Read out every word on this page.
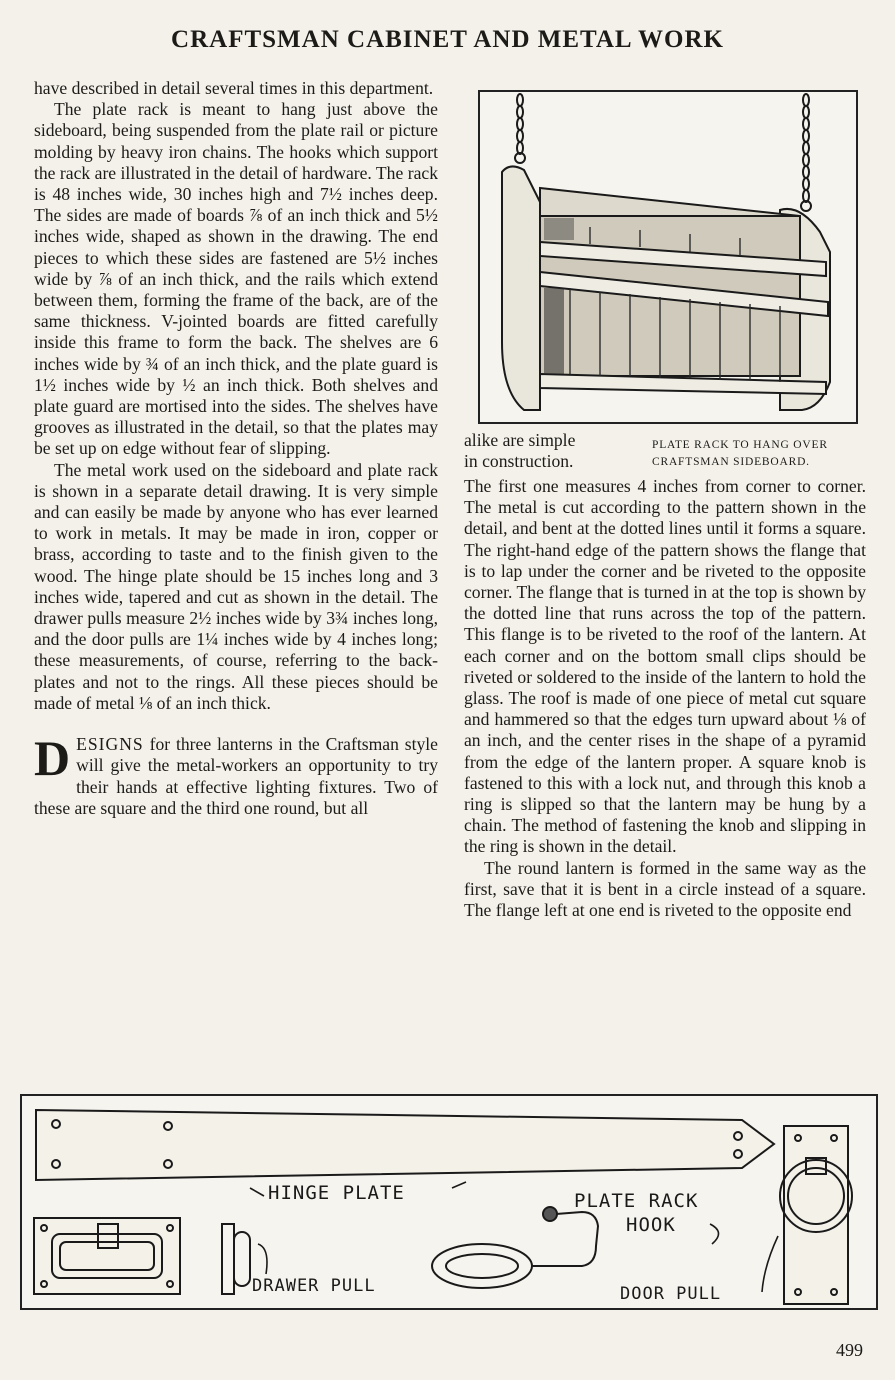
CRAFTSMAN CABINET AND METAL WORK

have described in detail several times in this department.

The plate rack is meant to hang just above the sideboard, being suspended from the plate rail or picture molding by heavy iron chains. The hooks which support the rack are illustrated in the detail of hardware. The rack is 48 inches wide, 30 inches high and 7½ inches deep. The sides are made of boards ⅞ of an inch thick and 5½ inches wide, shaped as shown in the drawing. The end pieces to which these sides are fastened are 5½ inches wide by ⅞ of an inch thick, and the rails which extend between them, forming the frame of the back, are of the same thickness. V-jointed boards are fitted carefully inside this frame to form the back. The shelves are 6 inches wide by ¾ of an inch thick, and the plate guard is 1½ inches wide by ½ an inch thick. Both shelves and plate guard are mortised into the sides. The shelves have grooves as illustrated in the detail, so that the plates may be set up on edge without fear of slipping.

The metal work used on the sideboard and plate rack is shown in a separate detail drawing. It is very simple and can easily be made by anyone who has ever learned to work in metals. It may be made in iron, copper or brass, according to taste and to the finish given to the wood. The hinge plate should be 15 inches long and 3 inches wide, tapered and cut as shown in the detail. The drawer pulls measure 2½ inches wide by 3¾ inches long, and the door pulls are 1¼ inches wide by 4 inches long; these measurements, of course, referring to the back-plates and not to the rings. All these pieces should be made of metal ⅛ of an inch thick.

DESIGNS for three lanterns in the Craftsman style will give the metal-workers an opportunity to try their hands at effective lighting fixtures. Two of these are square and the third one round, but all

PLATE RACK TO HANG OVER
CRAFTSMAN SIDEBOARD.
alike are simple
in construction.

The first one measures 4 inches from corner to corner. The metal is cut according to the pattern shown in the detail, and bent at the dotted lines until it forms a square. The right-hand edge of the pattern shows the flange that is to lap under the corner and be riveted to the opposite corner. The flange that is turned in at the top is shown by the dotted line that runs across the top of the pattern. This flange is to be riveted to the roof of the lantern. At each corner and on the bottom small clips should be riveted or soldered to the inside of the lantern to hold the glass. The roof is made of one piece of metal cut square and hammered so that the edges turn upward about ⅛ of an inch, and the center rises in the shape of a pyramid from the edge of the lantern proper. A square knob is fastened to this with a lock nut, and through this knob a ring is slipped so that the lantern may be hung by a chain. The method of fastening the knob and slipping in the ring is shown in the detail.

The round lantern is formed in the same way as the first, save that it is bent in a circle instead of a square. The flange left at one end is riveted to the opposite end

HINGE PLATE
DRAWER PULL
PLATE RACK
HOOK
DOOR PULL
499
